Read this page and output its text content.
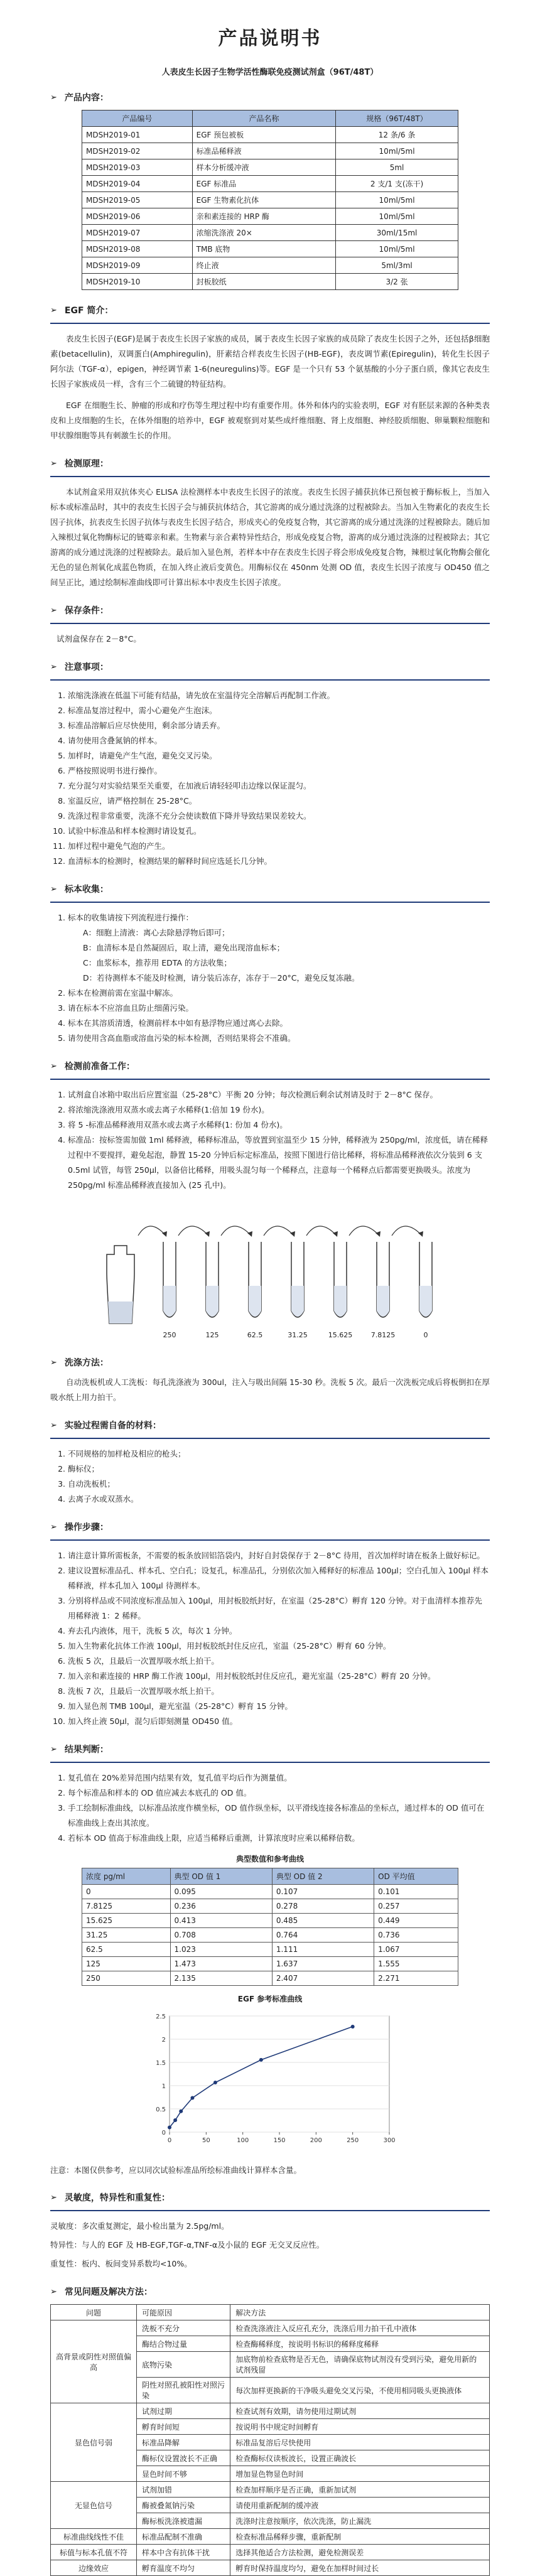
产品说明书
人表皮生长因子生物学活性酶联免疫测试剂盒（96T/48T）
➢ 产品内容：
产品编号	产品名称	规格（96T/48T）
MDSH2019-01	EGF 预包被板	12 条/6 条
MDSH2019-02	标准品稀释液	10ml/5ml
MDSH2019-03	样本分析缓冲液	5ml
MDSH2019-04	EGF 标准品	2 支/1 支(冻干)
MDSH2019-05	EGF 生物素化抗体	10ml/5ml
MDSH2019-06	亲和素连接的 HRP 酶	10ml/5ml
MDSH2019-07	浓缩洗涤液 20×	30ml/15ml
MDSH2019-08	TMB 底物	10ml/5ml
MDSH2019-09	终止液	5ml/3ml
MDSH2019-10	封板胶纸	3/2 张
➢ EGF 简介：

表皮生长因子(EGF)是属于表皮生长因子家族的成员，属于表皮生长因子家族的成员除了表皮生长因子之外，还包括β细胞素(betacellulin)，双调蛋白(Amphiregulin)，肝素结合样表皮生长因子(HB-EGF)，表皮调节素(Epiregulin)，转化生长因子阿尔法（TGF-α），epigen，神经调节素 1-6(neuregulins)等。EGF 是一个只有 53 个氨基酸的小分子蛋白质，像其它表皮生长因子家族成员一样，含有三个二硫键的特征结构。

EGF 在细胞生长、肿瘤的形成和疗伤等生理过程中均有重要作用。体外和体内的实验表明，EGF 对有胚层来源的各种类表皮和上皮细胞的生长，在体外细胞的培养中，EGF 被观察到对某些成纤维细胞、肾上皮细胞、神经胶质细胞、卵巢颗粒细胞和甲状腺细胞等具有刺激生长的作用。

➢ 检测原理：

本试剂盒采用双抗体夹心 ELISA 法检测样本中表皮生长因子的浓度。表皮生长因子捕获抗体已预包被于酶标板上，当加入标本或标准品时，其中的表皮生长因子会与捕获抗体结合，其它游离的成分通过洗涤的过程被除去。当加入生物素化的表皮生长因子抗体，抗表皮生长因子抗体与表皮生长因子结合，形成夹心的免疫复合物，其它游离的成分通过洗涤的过程被除去。随后加入辣根过氧化物酶标记的链霉亲和素。生物素与亲合素特异性结合，形成免疫复合物，游离的成分通过洗涤的过程被除去；其它游离的成分通过洗涤的过程被除去。最后加入显色剂，若样本中存在表皮生长因子将会形成免疫复合物，辣根过氧化物酶会催化无色的显色剂氧化成蓝色物质，在加入终止液后变黄色。用酶标仪在 450nm 处测 OD 值，表皮生长因子浓度与 OD450 值之间呈正比，通过绘制标准曲线即可计算出标本中表皮生长因子浓度。

➢ 保存条件：
试剂盒保存在 2－8°C。
➢ 注意事项：
1. 浓缩洗涤液在低温下可能有结晶，请先放在室温待完全溶解后再配制工作液。
2. 标准品复溶过程中，需小心避免产生泡沫。
3. 标准品溶解后应尽快使用，剩余部分请丢弃。
4. 请勿使用含叠氮钠的样本。
5. 加样时，请避免产生气泡，避免交叉污染。
6. 严格按照说明书进行操作。
7. 充分混匀对实验结果至关重要，在加液后请轻轻叩击边缘以保证混匀。
8. 室温反应，请严格控制在 25-28°C。
9. 洗涤过程非常重要，洗涤不充分会使读数值下降并导致结果误差较大。
10. 试验中标准品和样本检测时请设复孔。
11. 加样过程中避免气泡的产生。
12. 血清标本的检测时，检测结果的解释时间应选延长几分钟。
➢ 标本收集：
1. 标本的收集请按下列流程进行操作：
A：细胞上清液：离心去除悬浮物后即可；
B：血清标本是自然凝固后，取上清，避免出现溶血标本；
C：血浆标本，推荐用 EDTA 的方法收集；
D：若待测样本不能及时检测，请分装后冻存，冻存于－20°C，避免反复冻融。
2. 标本在检测前需在室温中解冻。
3. 请在标本不应溶血且防止细菌污染。
4. 标本在其溶质清透，检测前样本中如有悬浮物应通过离心去除。
5. 请勿使用含高血脂或溶血污染的标本检测，否则结果将会不准确。
➢ 检测前准备工作：
1. 试剂盒自冰箱中取出后应置室温（25-28°C）平衡 20 分钟；每次检测后剩余试剂请及时于 2－8°C 保存。
2. 将浓缩洗涤液用双蒸水或去离子水稀释(1:倍加 19 份水)。
3. 将 5 -标准品稀释液用双蒸水或去离子水稀释(1: 份加 4 份水)。
4. 标准品：按标签需加做 1ml 稀释液，稀释标准品，等放置到室温至少 15 分钟，稀释液为 250pg/ml，浓度低，请在稀释过程中不要搅拌，避免起泡，静置 15-20 分钟后标定标准品，按照下图进行倍比稀释，将标准品稀释液依次分装到 6 支 0.5ml 试管，每管 250μl，以备倍比稀释，用吸头混匀每一个稀释点，注意每一个稀释点后都需要更换吸头。浓度为 250pg/ml 标准品稀释液直接加入 (25 孔中)。
250	125	62.5	31.25	15.625	7.8125	0
➢ 洗涤方法：

自动洗板机或人工洗板：每孔洗涤液为 300ul，注入与吸出间隔 15-30 秒。洗板 5 次。最后一次洗板完成后将板倒扣在厚吸水纸上用力拍干。

➢ 实验过程需自备的材料：
1. 不同规格的加样枪及相应的枪头；
2. 酶标仪；
3. 自动洗板机；
4. 去离子水或双蒸水。
➢ 操作步骤：
1. 请注意计算所需板条，不需要的板条放回铝箔袋内，封好自封袋保存于 2－8°C 待用，首次加样时请在板条上做好标记。
2. 建议设置标准品孔、样本孔、空白孔；设复孔，标准品孔，分别依次加入稀释好的标准品 100μl；空白孔加入 100μl 样本稀释液，样本孔加入 100μl 待测样本。
3. 分别将样品或不同浓度标准品加入 100μl，用封板胶纸封好，在室温（25-28°C）孵育 120 分钟。对于血清样本推荐先用稀释液 1：2 稀释。
4. 弃去孔内液体，甩干，洗板 5 次，每次 1 分钟。
5. 加入生物素化抗体工作液 100μl，用封板胶纸封住反应孔，室温（25-28°C）孵育 60 分钟。
6. 洗板 5 次，且最后一次置厚吸水纸上拍干。
7. 加入亲和素连接的 HRP 酶工作液 100μl，用封板胶纸封住反应孔，避光室温（25-28°C）孵育 20 分钟。
8. 洗板 7 次，且最后一次置厚吸水纸上拍干。
9. 加入显色剂 TMB 100μl，避光室温（25-28°C）孵育 15 分钟。
10. 加入终止液 50μl，混匀后即刻测量 OD450 值。
➢ 结果判断：
1. 复孔值在 20%差异范围内结果有效，复孔值平均后作为测量值。
2. 每个标准品和样本的 OD 值应减去本底孔的 OD 值。
3. 手工绘制标准曲线，以标准品浓度作横坐标，OD 值作纵坐标，以平滑线连接各标准品的坐标点，通过样本的 OD 值可在标准曲线上查出其浓度。
4. 若标本 OD 值高于标准曲线上限，应适当稀释后重测，计算浓度时应乘以稀释倍数。
典型数值和参考曲线
浓度 pg/ml	典型 OD 值 1	典型 OD 值 2	OD 平均值
0	0.095	0.107	0.101
7.8125	0.236	0.278	0.257
15.625	0.413	0.485	0.449
31.25	0.708	0.764	0.736
62.5	1.023	1.111	1.067
125	1.473	1.637	1.555
250	2.135	2.407	2.271
EGF 参考标准曲线
0
0.5
1
1.5
2
2.5
0	50	100	150	200	250	300
注意：本图仅供参考，应以同次试验标准品所绘标准曲线计算样本含量。
➢ 灵敏度，特异性和重复性：
灵敏度：多次重复测定，最小检出量为 2.5pg/ml。
特异性：与人的 EGF 及 HB-EGF,TGF-α,TNF-α及小鼠的 EGF 无交叉反应性。
重复性：板内、板间变异系数均<10%。
➢ 常见问题及解决方法：
问题	可能原因	解决方法
高背景或阴性对照值偏高	洗板不充分	检查洗涤液注入反应孔充分，洗涤后用力拍干孔中液体
	酶结合物过量	检查酶稀释度，按说明书标识的稀释度稀释
	底物污染	加底物前检查底物是否无色，请确保底物试剂没有受到污染，避免用新的试剂残留
	阴性对照孔被阳性对照污染	每次加样更换新的干净吸头避免交叉污染，不使用相同吸头更换液体
显色信号弱	试剂过期	检查试剂有效期，请勿使用过期试剂
	孵育时间短	按说明书中规定时间孵育
	标准品降解	标准品复溶后尽快使用
	酶标仪设置波长不正确	检查酶标仪读板波长，设置正确波长
	显色时间不够	增加显色物显色时间
无显色信号	试剂加错	检查加样顺序是否正确，重新加试剂
	酶被叠氮钠污染	请使用重新配制的缓冲液
	酶标板洗涤被遗漏	洗涤时注意按顺序，依次洗涤，防止漏洗
标准曲线线性不佳	标准品配制不准确	检查标准品稀释步骤，重新配制
标值与标本孔值不符	样本中含有抗体干扰	选择其他适合方法检测，避免检测误差
边缘效应	孵育温度不均匀	孵育时保持温度均匀，避免在加样时间过长
